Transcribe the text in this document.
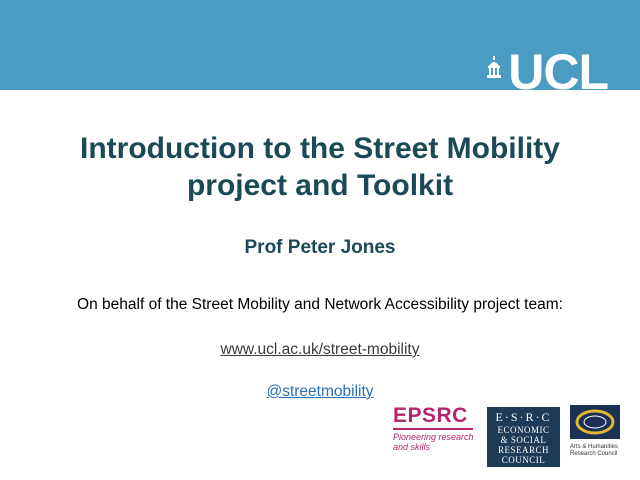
UCL
Introduction to the Street Mobility
project and Toolkit

Prof Peter Jones

On behalf of the Street Mobility and Network Accessibility project team:

www.ucl.ac.uk/street-mobility

@streetmobility

EPSRC
Pioneering research
and skills
E·S·R·C
ECONOMIC
& SOCIAL
RESEARCH
COUNCIL
Arts & Humanities
Research Council
